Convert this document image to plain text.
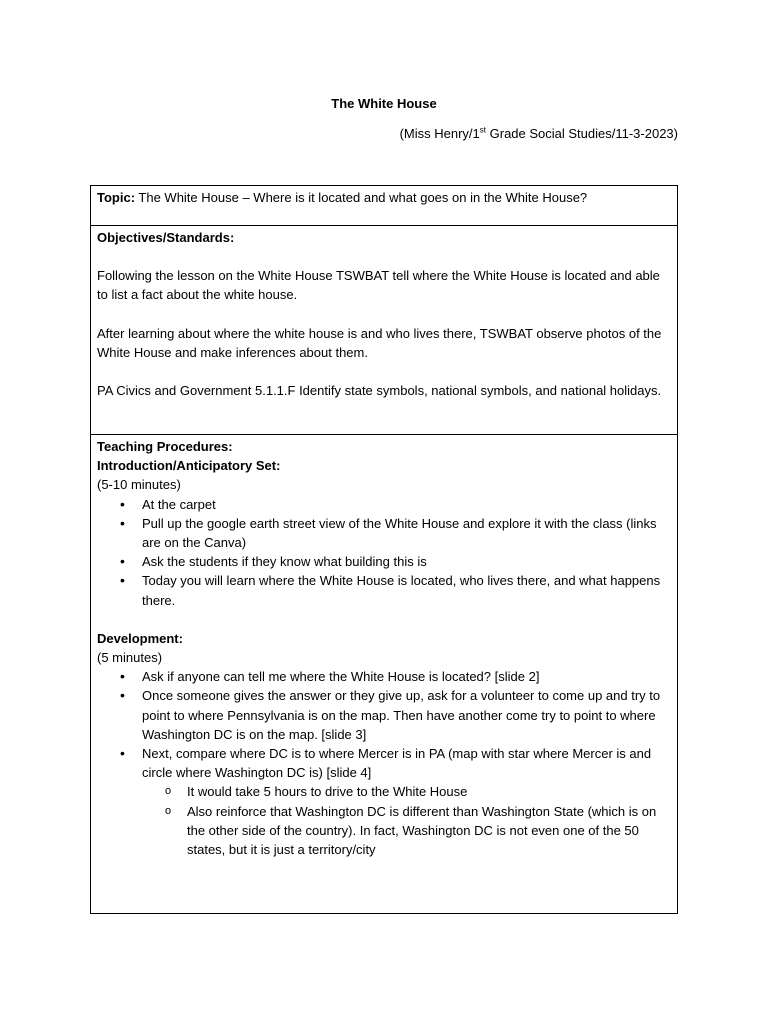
The White House
(Miss Henry/1st Grade Social Studies/11-3-2023)
Topic: The White House – Where is it located and what goes on in the White House?

Objectives/Standards:

Following the lesson on the White House TSWBAT tell where the White House is located and able to list a fact about the white house.

After learning about where the white house is and who lives there, TSWBAT observe photos of the White House and make inferences about them.

PA Civics and Government 5.1.1.F Identify state symbols, national symbols, and national holidays.

Teaching Procedures:

Introduction/Anticipatory Set:

(5-10 minutes)

• At the carpet
• Pull up the google earth street view of the White House and explore it with the class (links are on the Canva)
• Ask the students if they know what building this is
• Today you will learn where the White House is located, who lives there, and what happens there.

Development:

(5 minutes)

• Ask if anyone can tell me where the White House is located? [slide 2]
• Once someone gives the answer or they give up, ask for a volunteer to come up and try to point to where Pennsylvania is on the map. Then have another come try to point to where Washington DC is on the map. [slide 3]
• Next, compare where DC is to where Mercer is in PA (map with star where Mercer is and circle where Washington DC is) [slide 4]
o It would take 5 hours to drive to the White House
o Also reinforce that Washington DC is different than Washington State (which is on the other side of the country). In fact, Washington DC is not even one of the 50 states, but it is just a territory/city
